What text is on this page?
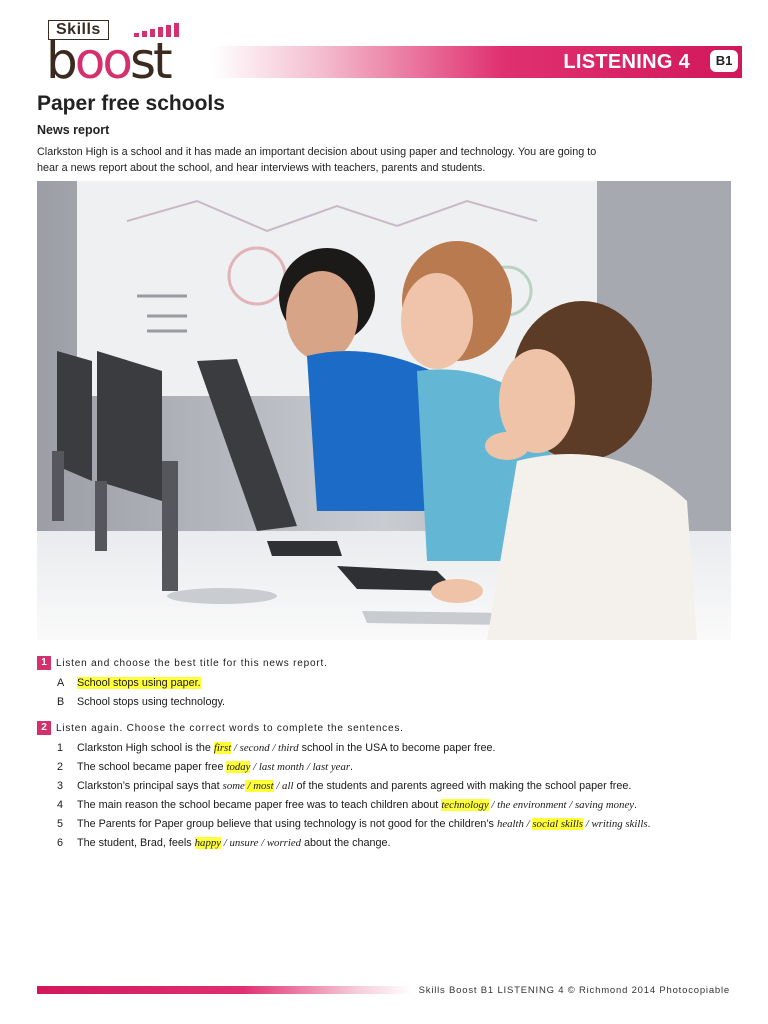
Skills
boost	LISTENING 4	B1
Paper free schools
News report
Clarkston High is a school and it has made an important decision about using paper and technology. You are going to hear a news report about the school, and hear interviews with teachers, parents and students.
1 Listen and choose the best title for this news report.
A School stops using paper.
B School stops using technology.
2 Listen again. Choose the correct words to complete the sentences.
1 Clarkston High school is the first / second / third school in the USA to become paper free.
2 The school became paper free today / last month / last year.
3 Clarkston’s principal says that some / most / all of the students and parents agreed with making the school paper free.
4 The main reason the school became paper free was to teach children about technology / the environment / saving money.
5 The Parents for Paper group believe that using technology is not good for the children’s health / social skills / writing skills.
6 The student, Brad, feels happy / unsure / worried about the change.
Skills Boost B1 LISTENING 4 © Richmond 2014 Photocopiable
